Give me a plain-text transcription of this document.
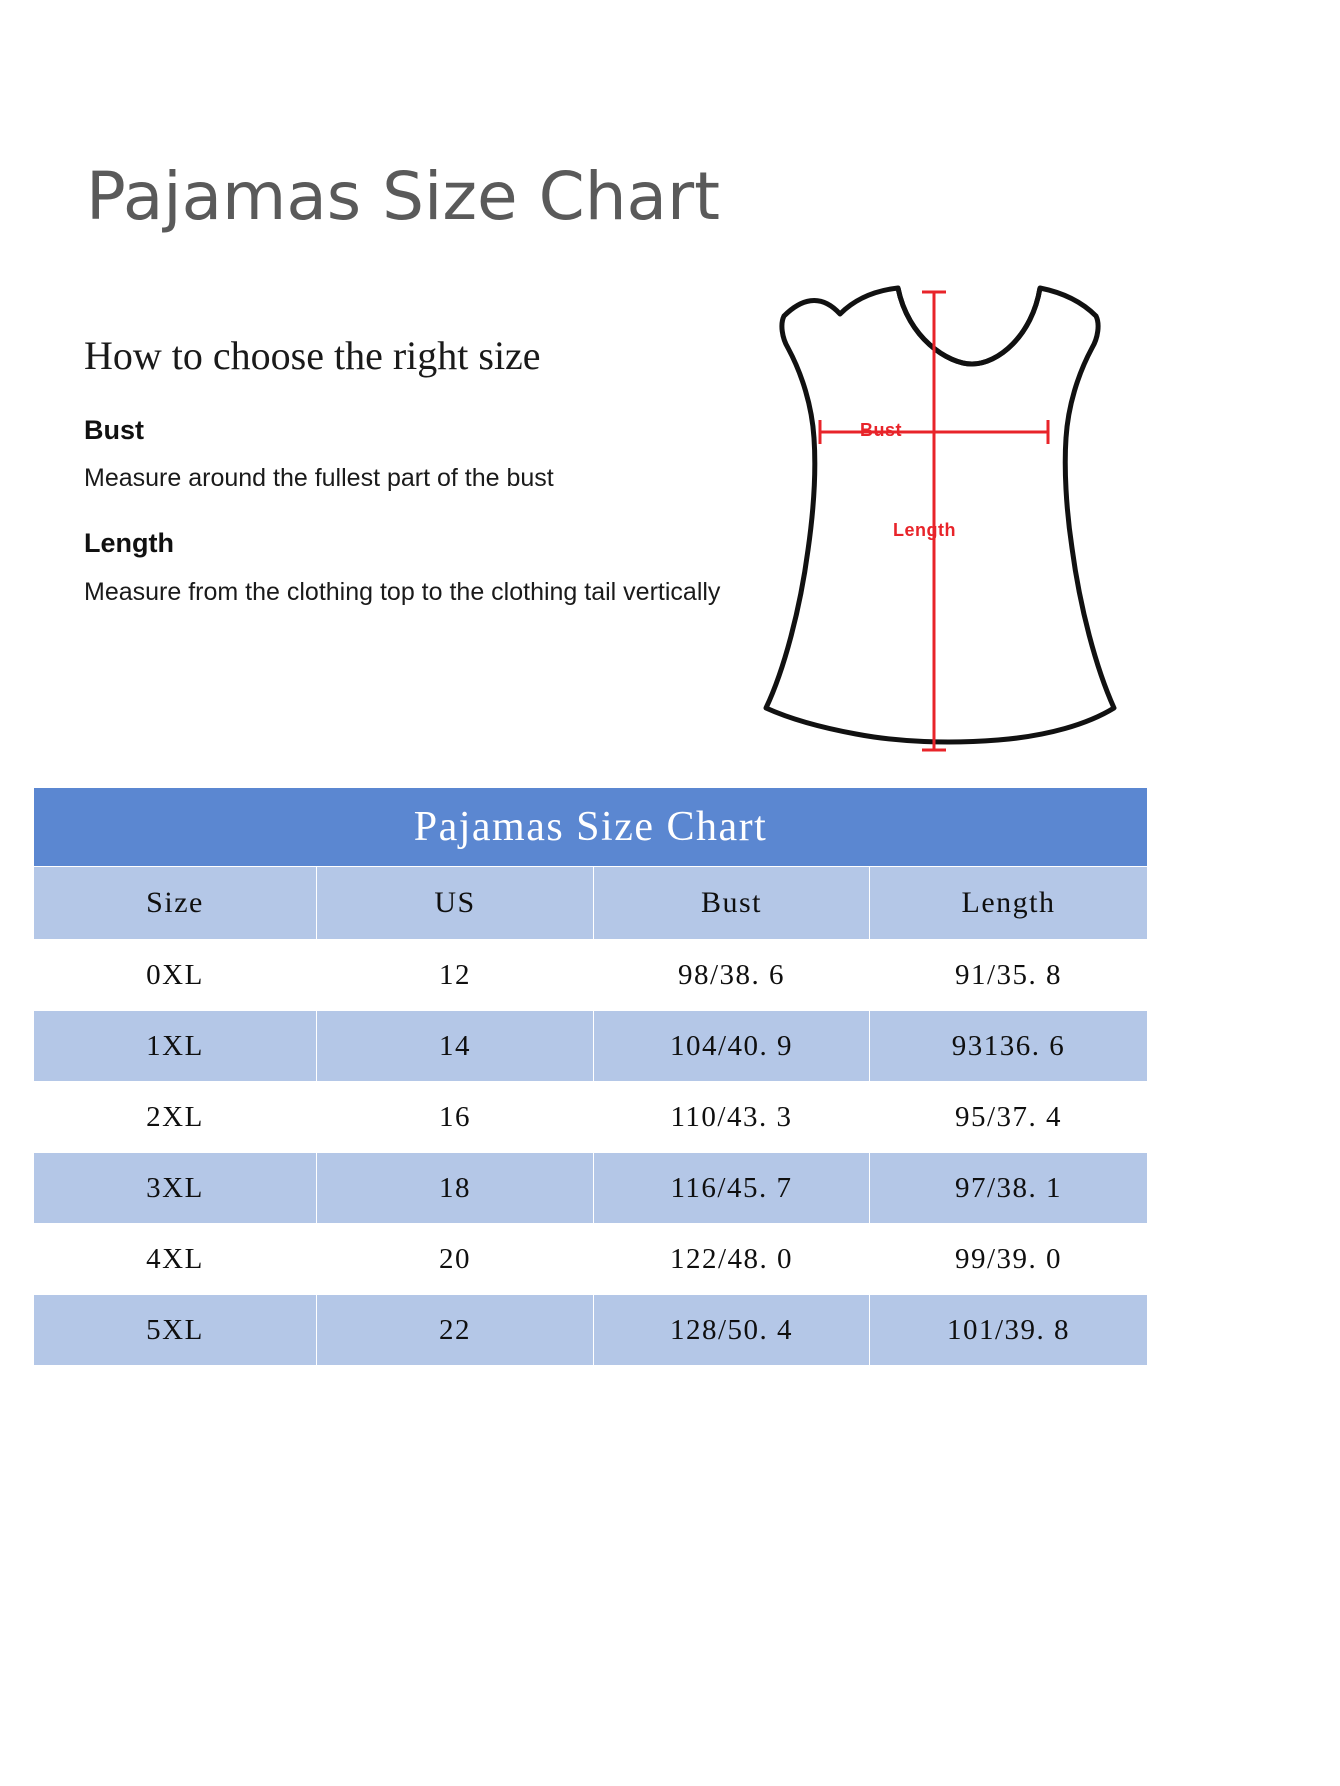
Pajamas Size Chart
How to choose the right size
Bust
Measure around the fullest part of the bust
Length
Measure from the clothing top to the clothing tail vertically
Bust
Length
Pajamas Size Chart			
Size	US	Bust	Length
0XL	12	98/38. 6	91/35. 8
1XL	14	104/40. 9	93136. 6
2XL	16	110/43. 3	95/37. 4
3XL	18	116/45. 7	97/38. 1
4XL	20	122/48. 0	99/39. 0
5XL	22	128/50. 4	101/39. 8
